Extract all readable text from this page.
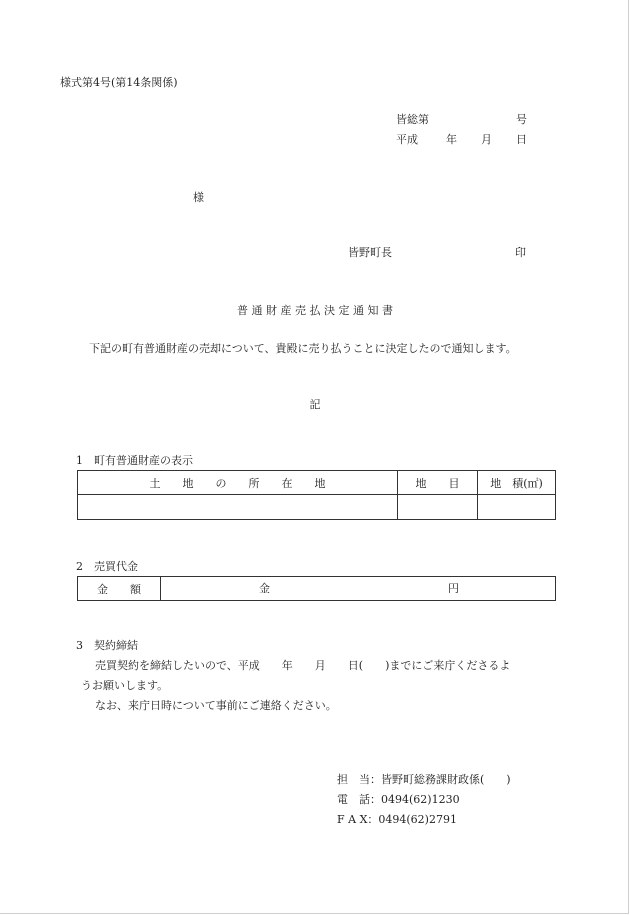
様式第4号(第14条関係)
皆総第	号
平成	年 月 日
様
皆野町長	印
普 通 財 産 売 払 決 定 通 知 書
下記の町有普通財産の売却について、貴殿に売り払うことに決定したので通知します。
記
1　町有普通財産の表示
土　　地　　の　　所　　在　　地	地　　目	地　積(㎡)

2　売買代金
金　　額	金	円
3　契約締結
売買契約を締結したいので、平成　　年　　月　　日(　　)までにご来庁くださるよ
うお願いします。
なお、来庁日時について事前にご連絡ください。
担　当：皆野町総務課財政係(　　)
電　話：0494(62)1230
F A X：0494(62)2791
